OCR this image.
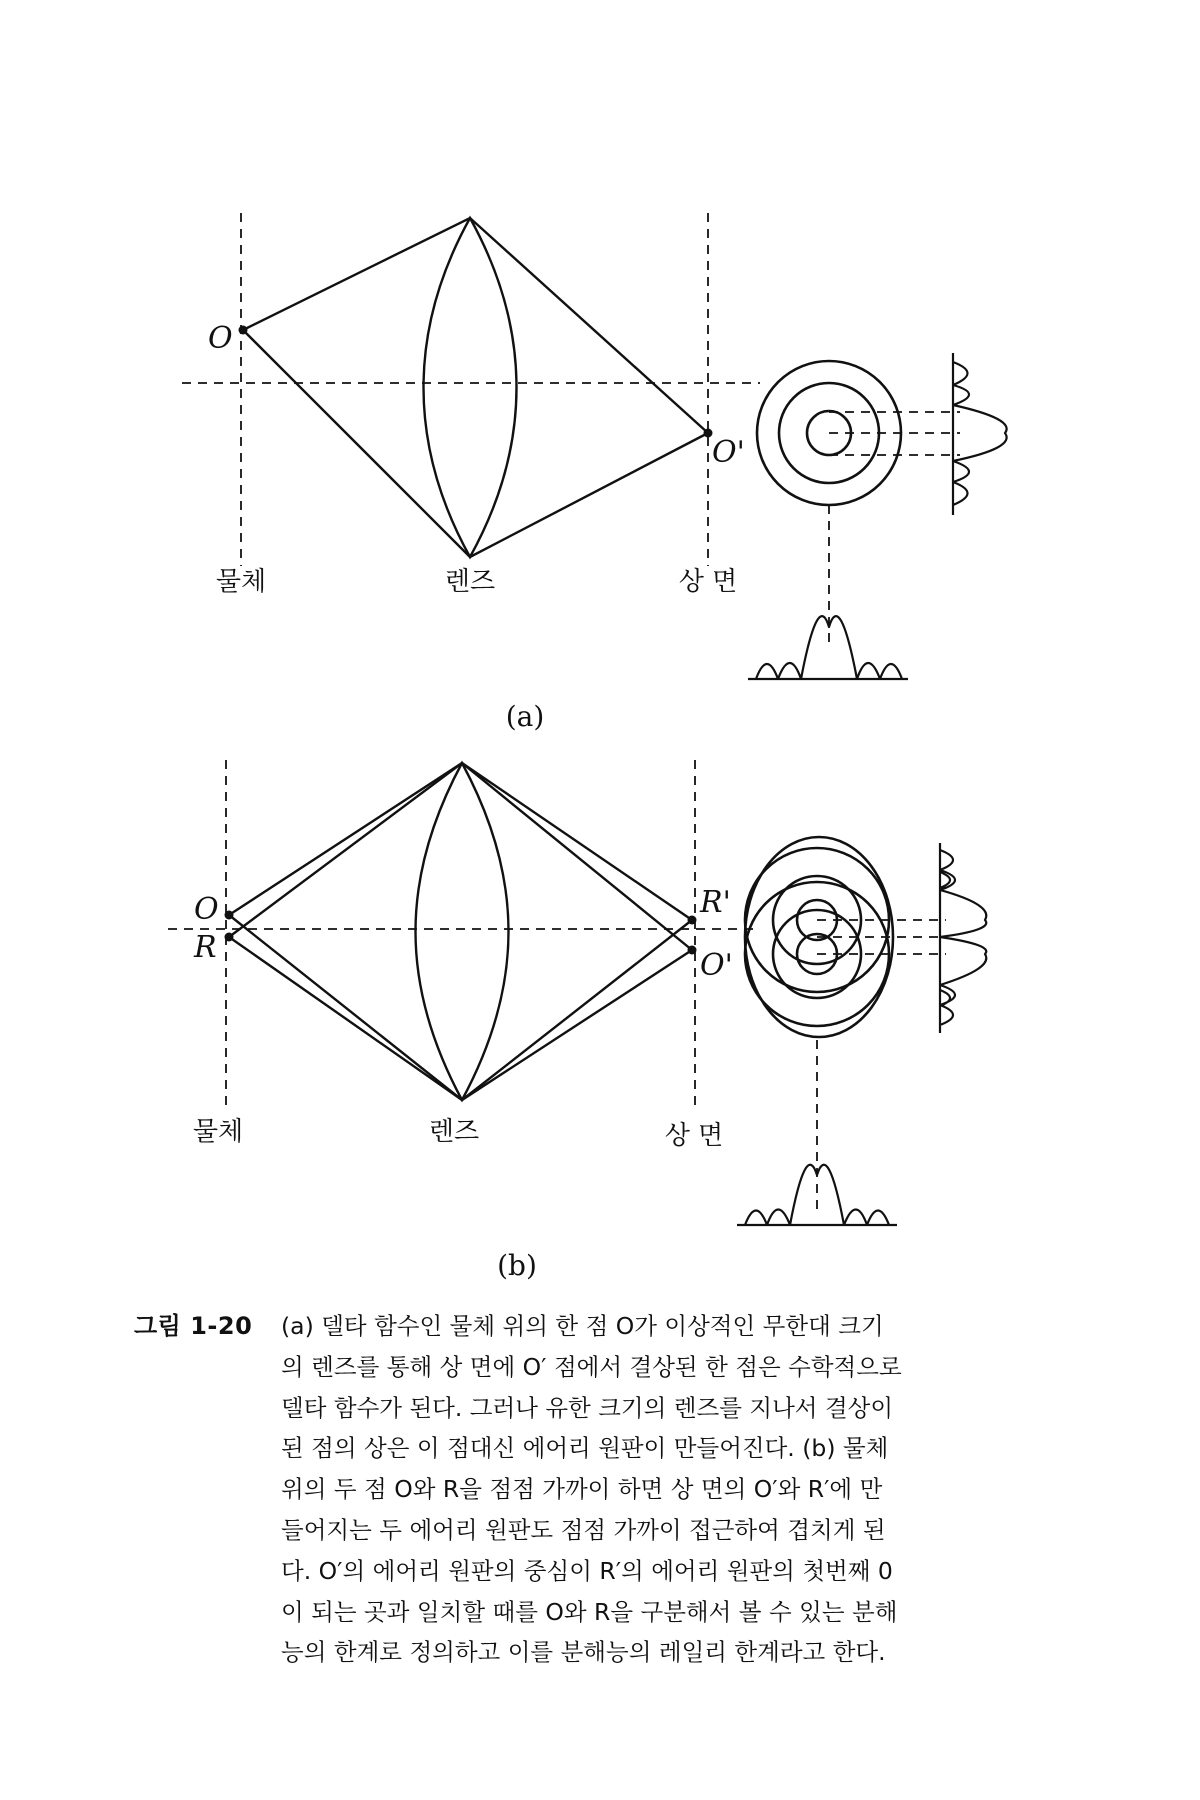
O
O'
물체	렌즈	상 면
(a)
O
R
R'
O'
물체	렌즈	상 면
(b)
그림 1-20 (a) 델타 함수인 물체 위의 한 점 O가 이상적인 무한대 크기
의 렌즈를 통해 상 면에 O′ 점에서 결상된 한 점은 수학적으로
델타 함수가 된다. 그러나 유한 크기의 렌즈를 지나서 결상이
된 점의 상은 이 점대신 에어리 원판이 만들어진다. (b) 물체
위의 두 점 O와 R을 점점 가까이 하면 상 면의 O′와 R′에 만
들어지는 두 에어리 원판도 점점 가까이 접근하여 겹치게 된
다. O′의 에어리 원판의 중심이 R′의 에어리 원판의 첫번째 0
이 되는 곳과 일치할 때를 O와 R을 구분해서 볼 수 있는 분해
능의 한계로 정의하고 이를 분해능의 레일리 한계라고 한다.
